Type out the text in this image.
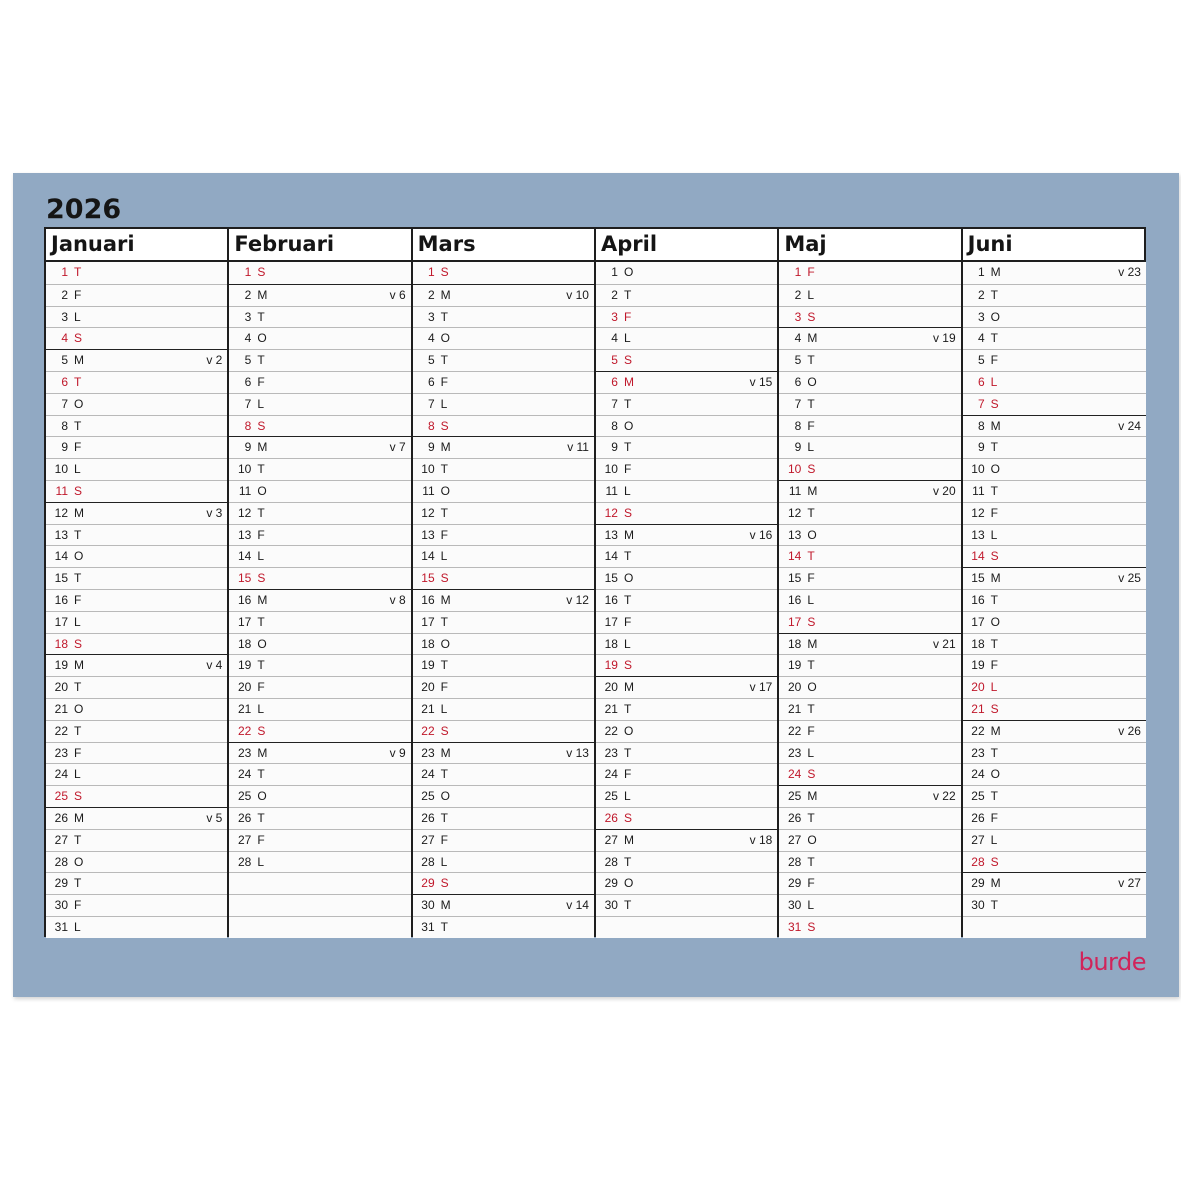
2026
Januari
1 T
2 F
3 L
4 S
5 M	v 2
6 T
7 O
8 T
9 F
10 L
11 S
12 M	v 3
13 T
14 O
15 T
16 F
17 L
18 S
19 M	v 4
20 T
21 O
22 T
23 F
24 L
25 S
26 M	v 5
27 T
28 O
29 T
30 F
31 L
Februari
1 S
2 M	v 6
3 T
4 O
5 T
6 F
7 L
8 S
9 M	v 7
10 T
11 O
12 T
13 F
14 L
15 S
16 M	v 8
17 T
18 O
19 T
20 F
21 L
22 S
23 M	v 9
24 T
25 O
26 T
27 F
28 L
Mars
1 S
2 M	v 10
3 T
4 O
5 T
6 F
7 L
8 S
9 M	v 11
10 T
11 O
12 T
13 F
14 L
15 S
16 M	v 12
17 T
18 O
19 T
20 F
21 L
22 S
23 M	v 13
24 T
25 O
26 T
27 F
28 L
29 S
30 M	v 14
31 T
April
1 O
2 T
3 F
4 L
5 S
6 M	v 15
7 T
8 O
9 T
10 F
11 L
12 S
13 M	v 16
14 T
15 O
16 T
17 F
18 L
19 S
20 M	v 17
21 T
22 O
23 T
24 F
25 L
26 S
27 M	v 18
28 T
29 O
30 T
Maj
1 F
2 L
3 S
4 M	v 19
5 T
6 O
7 T
8 F
9 L
10 S
11 M	v 20
12 T
13 O
14 T
15 F
16 L
17 S
18 M	v 21
19 T
20 O
21 T
22 F
23 L
24 S
25 M	v 22
26 T
27 O
28 T
29 F
30 L
31 S
Juni
1 M	v 23
2 T
3 O
4 T
5 F
6 L
7 S
8 M	v 24
9 T
10 O
11 T
12 F
13 L
14 S
15 M	v 25
16 T
17 O
18 T
19 F
20 L
21 S
22 M	v 26
23 T
24 O
25 T
26 F
27 L
28 S
29 M	v 27
30 T
burde
